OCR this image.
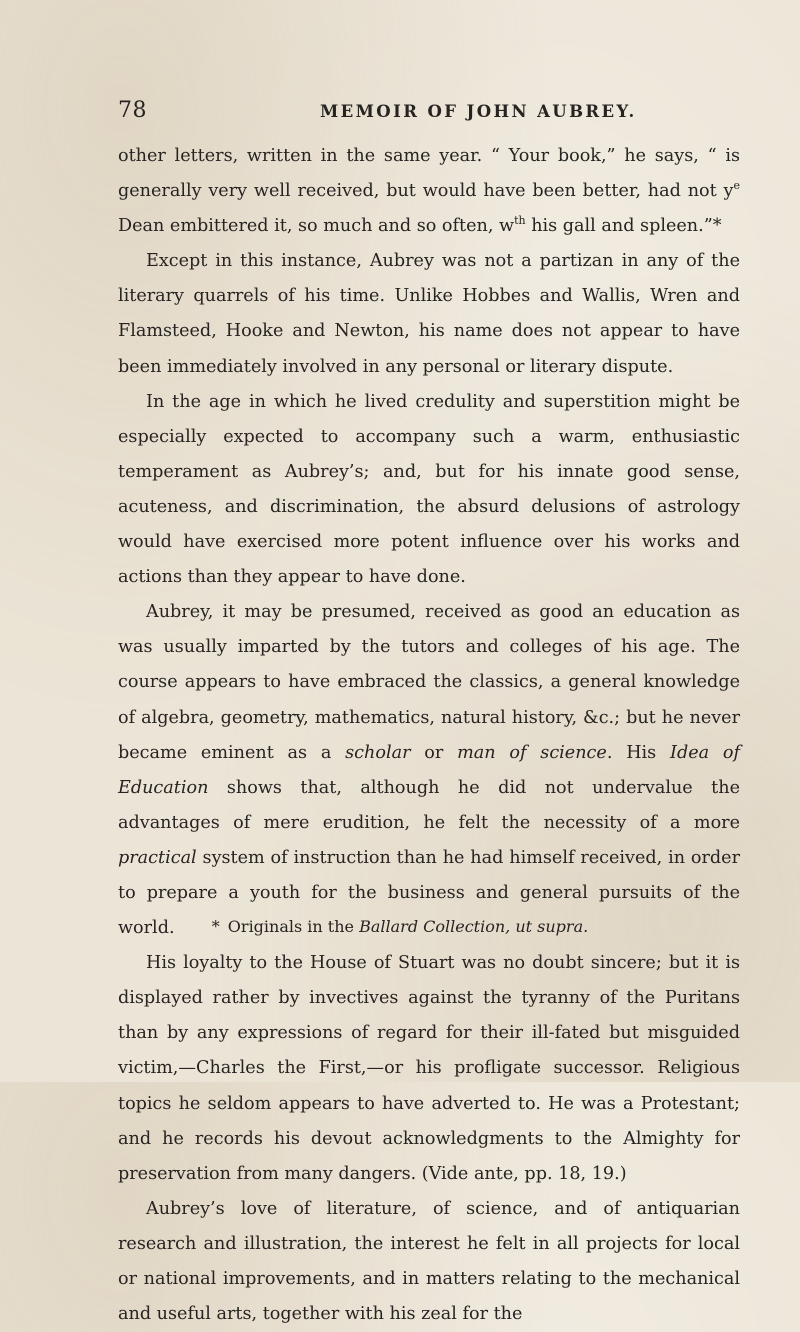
78	MEMOIR OF JOHN AUBREY.

other letters, written in the same year. “ Your book,” he says, “ is generally very well received, but would have been better, had not $y^e$ Dean embittered it, so much and so often, $w^{th}$ his gall and spleen.”*

Except in this instance, Aubrey was not a partizan in any of the literary quarrels of his time. Unlike Hobbes and Wallis, Wren and Flamsteed, Hooke and Newton, his name does not appear to have been immediately involved in any personal or literary dispute.

In the age in which he lived credulity and superstition might be especially expected to accompany such a warm, enthusiastic temperament as Aubrey’s; and, but for his innate good sense, acuteness, and discrimination, the absurd delusions of astrology would have exercised more potent influence over his works and actions than they appear to have done.

Aubrey, it may be presumed, received as good an education as was usually imparted by the tutors and colleges of his age. The course appears to have embraced the classics, a general knowledge of algebra, geometry, mathematics, natural history, &c.; but he never became eminent as a scholar or man of science. His Idea of Education shows that, although he did not undervalue the advantages of mere erudition, he felt the necessity of a more practical system of instruction than he had himself received, in order to prepare a youth for the business and general pursuits of the world.

His loyalty to the House of Stuart was no doubt sincere; but it is displayed rather by invectives against the tyranny of the Puritans than by any expressions of regard for their ill-fated but misguided victim,—Charles the First,—or his profligate successor. Religious topics he seldom appears to have adverted to. He was a Protestant; and he records his devout acknowledgments to the Almighty for preservation from many dangers. (Vide ante, pp. 18, 19.)

Aubrey’s love of literature, of science, and of antiquarian research and illustration, the interest he felt in all projects for local or national improvements, and in matters relating to the mechanical and useful arts, together with his zeal for the

* Originals in the Ballard Collection, ut supra.
